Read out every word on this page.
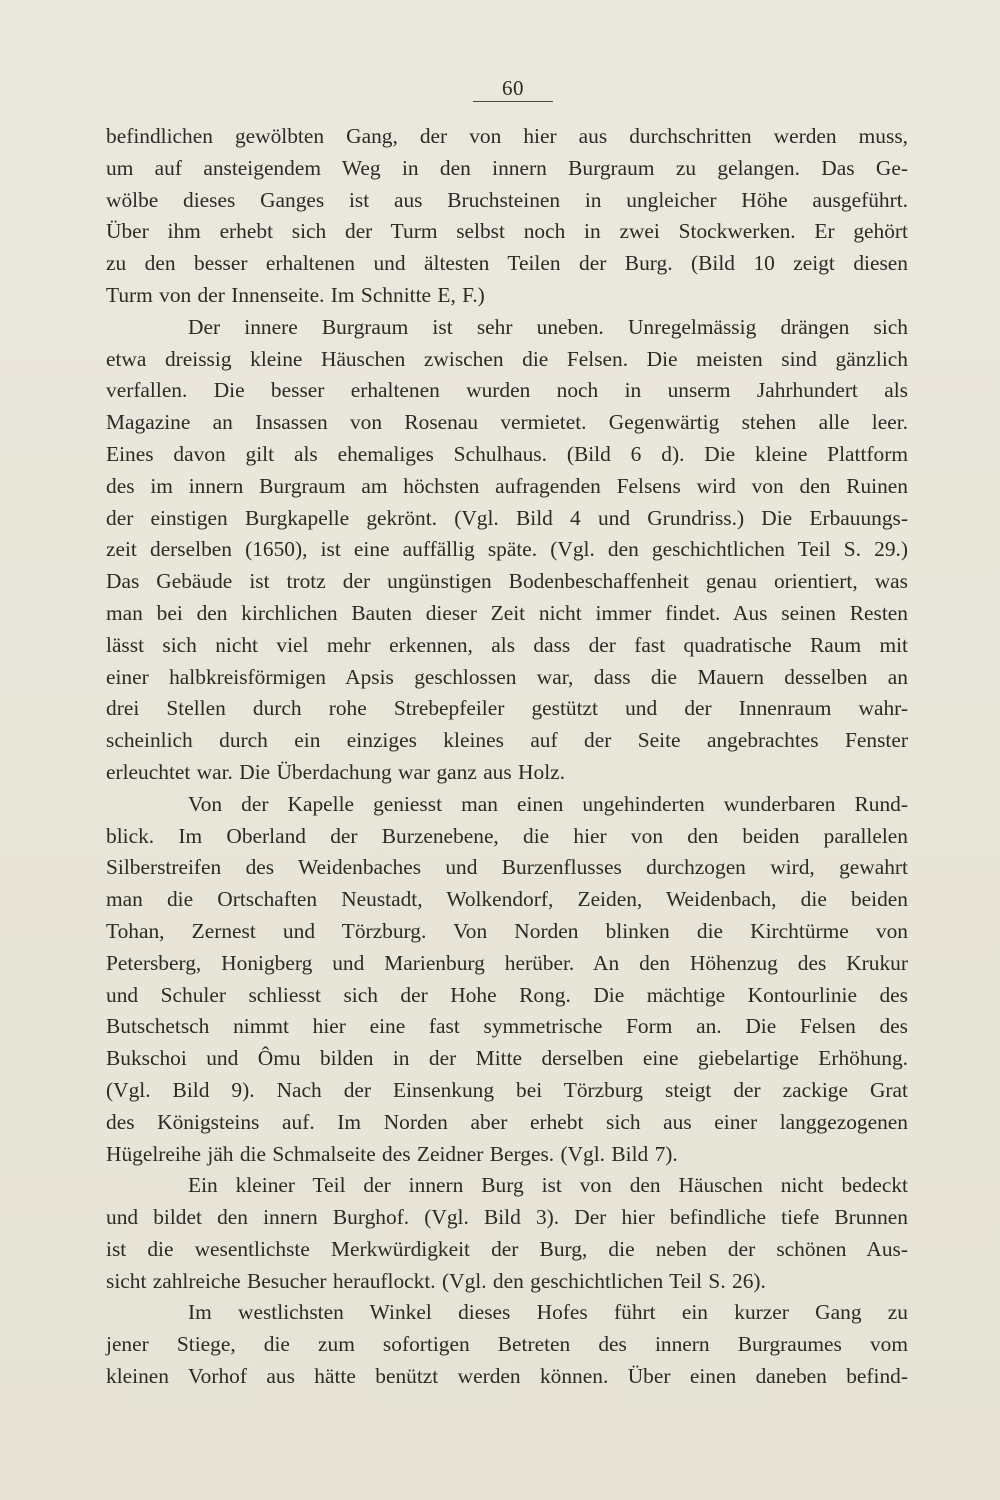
60
befindlichen gewölbten Gang, der von hier aus durchschritten werden muss,
um auf ansteigendem Weg in den innern Burgraum zu gelangen. Das Ge-
wölbe dieses Ganges ist aus Bruchsteinen in ungleicher Höhe ausgeführt.
Über ihm erhebt sich der Turm selbst noch in zwei Stockwerken. Er gehört
zu den besser erhaltenen und ältesten Teilen der Burg. (Bild 10 zeigt diesen
Turm von der Innenseite. Im Schnitte E, F.)
Der innere Burgraum ist sehr uneben. Unregelmässig drängen sich
etwa dreissig kleine Häuschen zwischen die Felsen. Die meisten sind gänzlich
verfallen. Die besser erhaltenen wurden noch in unserm Jahrhundert als
Magazine an Insassen von Rosenau vermietet. Gegenwärtig stehen alle leer.
Eines davon gilt als ehemaliges Schulhaus. (Bild 6 d). Die kleine Plattform
des im innern Burgraum am höchsten aufragenden Felsens wird von den Ruinen
der einstigen Burgkapelle gekrönt. (Vgl. Bild 4 und Grundriss.) Die Erbauungs-
zeit derselben (1650), ist eine auffällig späte. (Vgl. den geschichtlichen Teil S. 29.)
Das Gebäude ist trotz der ungünstigen Bodenbeschaffenheit genau orientiert, was
man bei den kirchlichen Bauten dieser Zeit nicht immer findet. Aus seinen Resten
lässt sich nicht viel mehr erkennen, als dass der fast quadratische Raum mit
einer halbkreisförmigen Apsis geschlossen war, dass die Mauern desselben an
drei Stellen durch rohe Strebepfeiler gestützt und der Innenraum wahr-
scheinlich durch ein einziges kleines auf der Seite angebrachtes Fenster
erleuchtet war. Die Überdachung war ganz aus Holz.
Von der Kapelle geniesst man einen ungehinderten wunderbaren Rund-
blick. Im Oberland der Burzenebene, die hier von den beiden parallelen
Silberstreifen des Weidenbaches und Burzenflusses durchzogen wird, gewahrt
man die Ortschaften Neustadt, Wolkendorf, Zeiden, Weidenbach, die beiden
Tohan, Zernest und Törzburg. Von Norden blinken die Kirchtürme von
Petersberg, Honigberg und Marienburg herüber. An den Höhenzug des Krukur
und Schuler schliesst sich der Hohe Rong. Die mächtige Kontourlinie des
Butschetsch nimmt hier eine fast symmetrische Form an. Die Felsen des
Bukschoi und Ômu bilden in der Mitte derselben eine giebelartige Erhöhung.
(Vgl. Bild 9). Nach der Einsenkung bei Törzburg steigt der zackige Grat
des Königsteins auf. Im Norden aber erhebt sich aus einer langgezogenen
Hügelreihe jäh die Schmalseite des Zeidner Berges. (Vgl. Bild 7).
Ein kleiner Teil der innern Burg ist von den Häuschen nicht bedeckt
und bildet den innern Burghof. (Vgl. Bild 3). Der hier befindliche tiefe Brunnen
ist die wesentlichste Merkwürdigkeit der Burg, die neben der schönen Aus-
sicht zahlreiche Besucher herauflockt. (Vgl. den geschichtlichen Teil S. 26).
Im westlichsten Winkel dieses Hofes führt ein kurzer Gang zu
jener Stiege, die zum sofortigen Betreten des innern Burgraumes vom
kleinen Vorhof aus hätte benützt werden können. Über einen daneben befind-
